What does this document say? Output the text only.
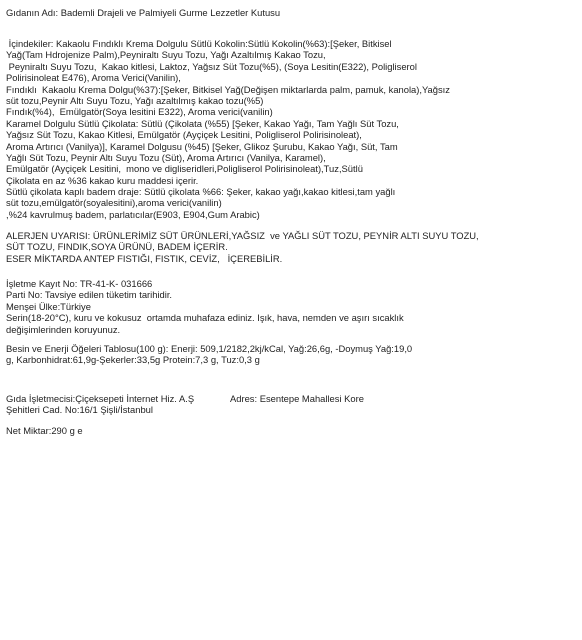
Gıdanın Adı: Bademli Drajeli ve Palmiyeli Gurme Lezzetler Kutusu
İçindekiler: Kakaolu Fındıklı Krema Dolgulu Sütlü Kokolin:Sütlü Kokolin(%63):[Şeker, Bitkisel
Yağ(Tam Hdrojenize Palm),Peyniraltı Suyu Tozu, Yağı Azaltılmış Kakao Tozu,
Peyniraltı Suyu Tozu,  Kakao kitlesi, Laktoz, Yağsız Süt Tozu(%5), (Soya Lesitin(E322), Poligliserol
Polirisinoleat E476), Aroma Verici(Vanilin),
Fındıklı  Kakaolu Krema Dolgu(%37):[Şeker, Bitkisel Yağ(Değişen miktarlarda palm, pamuk, kanola),Yağsız
süt tozu,Peynir Altı Suyu Tozu, Yağı azaltılmış kakao tozu(%5)
Fındık(%4),  Emülgatör(Soya lesitini E322), Aroma verici(vanilin)
Karamel Dolgulu Sütlü Çikolata: Sütlü (Çikolata (%55) [Şeker, Kakao Yağı, Tam Yağlı Süt Tozu,
Yağsız Süt Tozu, Kakao Kitlesi, Emülgatör (Ayçiçek Lesitini, Poligliserol Polirisinoleat),
Aroma Artırıcı (Vanilya)], Karamel Dolgusu (%45) [Şeker, Glikoz Şurubu, Kakao Yağı, Süt, Tam
Yağlı Süt Tozu, Peynir Altı Suyu Tozu (Süt), Aroma Artırıcı (Vanilya, Karamel),
Emülgatör (Ayçiçek Lesitini,  mono ve digliseridleri,Poligliserol Polirisinoleat),Tuz,Sütlü
Çikolata en az %36 kakao kuru maddesi içerir.
Sütlü çikolata kaplı badem draje: Sütlü çikolata %66: Şeker, kakao yağı,kakao kitlesi,tam yağlı
süt tozu,emülgatör(soyalesitini),aroma verici(vanilin)
,%24 kavrulmuş badem, parlatıcılar(E903, E904,Gum Arabic)
ALERJEN UYARISI: ÜRÜNLERİMİZ SÜT ÜRÜNLERİ,YAĞSIZ  ve YAĞLI SÜT TOZU, PEYNİR ALTI SUYU TOZU,
SÜT TOZU, FINDIK,SOYA ÜRÜNÜ, BADEM İÇERİR.
ESER MİKTARDA ANTEP FISTIĞI, FISTIK, CEVİZ,   İÇEREBİLİR.
İşletme Kayıt No: TR-41-K- 031666
Parti No: Tavsiye edilen tüketim tarihidir.
Menşei Ülke:Türkiye
Serin(18-20°C), kuru ve kokusuz  ortamda muhafaza ediniz. Işık, hava, nemden ve aşırı sıcaklık
değişimlerinden koruyunuz.
Besin ve Enerji Öğeleri Tablosu(100 g): Enerji: 509,1/2182,2kj/kCal, Yağ:26,6g, -Doymuş Yağ:19,0
g, Karbonhidrat:61,9g-Şekerler:33,5g Protein:7,3 g, Tuz:0,3 g
Gıda İşletmecisi:Çiçeksepeti İnternet Hiz. A.Ş	Adres: Esentepe Mahallesi Kore
Şehitleri Cad. No:16/1 Şişli/İstanbul
Net Miktar:290 g e
